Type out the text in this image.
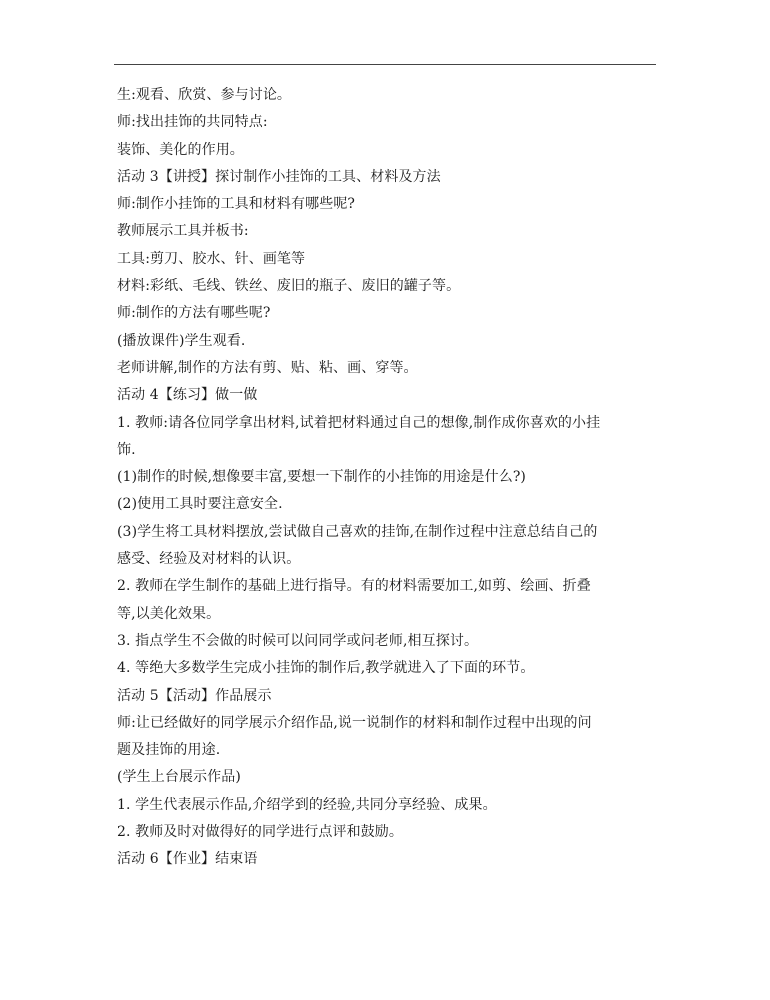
生:观看、欣赏、参与讨论。
师:找出挂饰的共同特点:
装饰、美化的作用。
活动 3【讲授】探讨制作小挂饰的工具、材料及方法
师:制作小挂饰的工具和材料有哪些呢?
教师展示工具并板书:
工具:剪刀、胶水、针、画笔等
材料:彩纸、毛线、铁丝、废旧的瓶子、废旧的罐子等。
师:制作的方法有哪些呢?
(播放课件)学生观看.
老师讲解,制作的方法有剪、贴、粘、画、穿等。
活动 4【练习】做一做
1. 教师:请各位同学拿出材料,试着把材料通过自己的想像,制作成你喜欢的小挂
饰.
(1)制作的时候,想像要丰富,要想一下制作的小挂饰的用途是什么?)
(2)使用工具时要注意安全.
(3)学生将工具材料摆放,尝试做自己喜欢的挂饰,在制作过程中注意总结自己的
感受、经验及对材料的认识。
2. 教师在学生制作的基础上进行指导。有的材料需要加工,如剪、绘画、折叠
等,以美化效果。
3. 指点学生不会做的时候可以问同学或问老师,相互探讨。
4. 等绝大多数学生完成小挂饰的制作后,教学就进入了下面的环节。
活动 5【活动】作品展示
师:让已经做好的同学展示介绍作品,说一说制作的材料和制作过程中出现的问
题及挂饰的用途.
(学生上台展示作品)
1. 学生代表展示作品,介绍学到的经验,共同分享经验、成果。
2. 教师及时对做得好的同学进行点评和鼓励。
活动 6【作业】结束语
